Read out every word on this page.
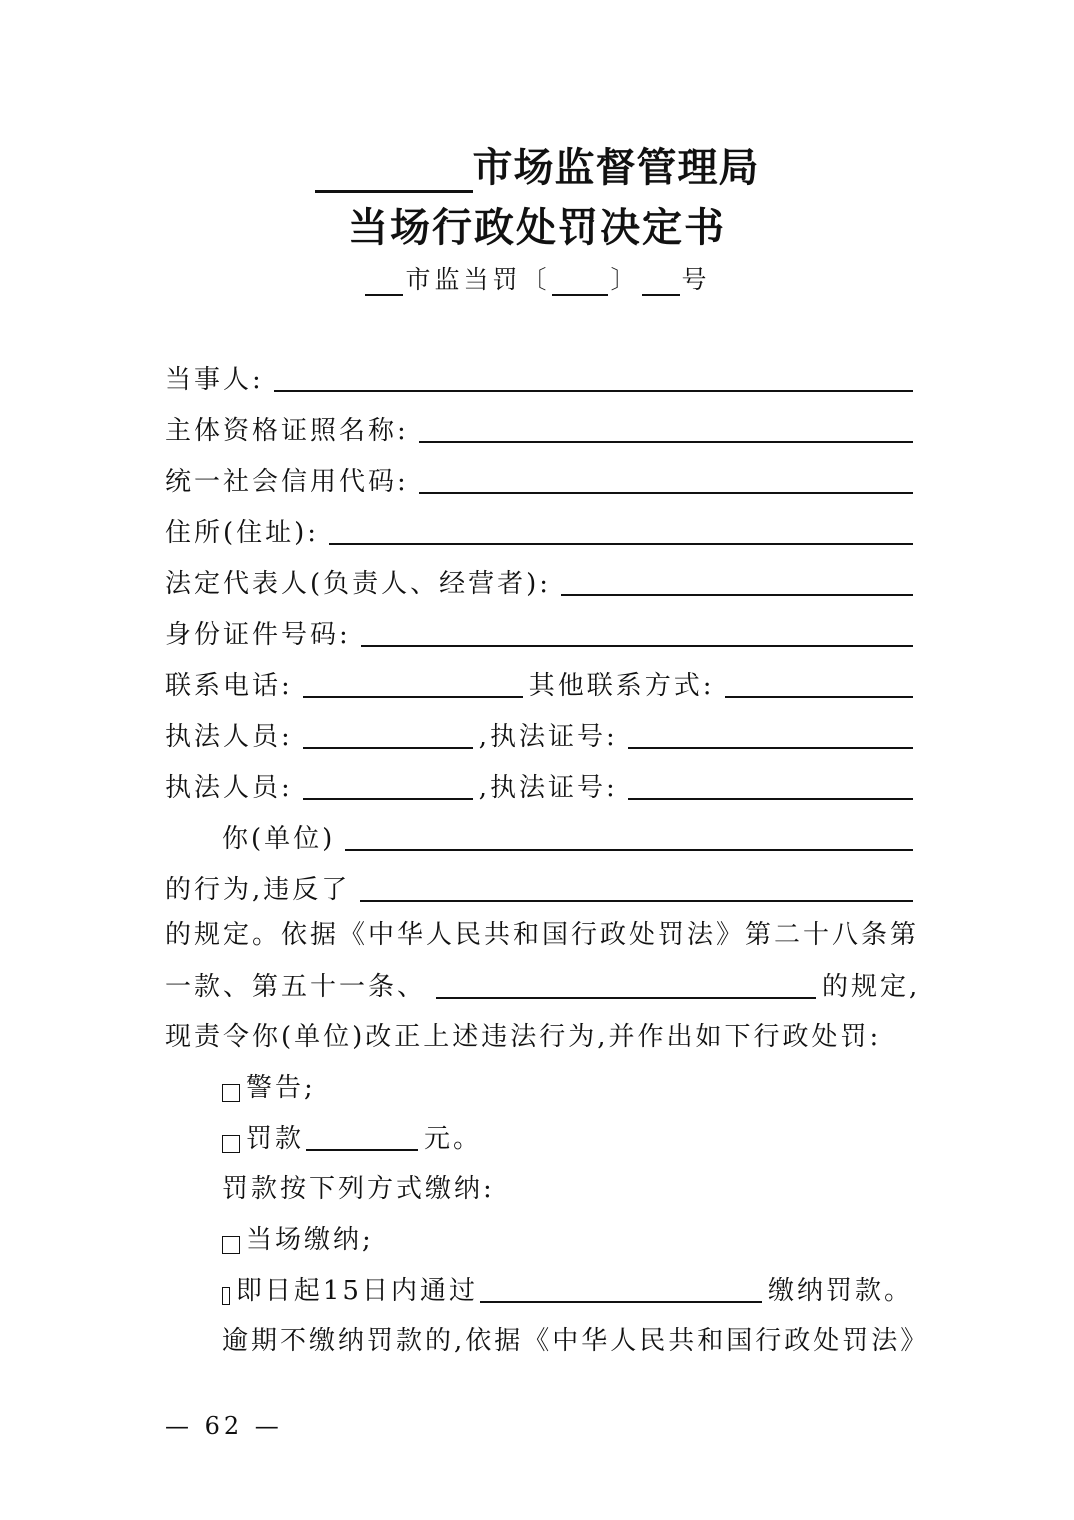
市场监督管理局
当场行政处罚决定书
市监当罚〔 〕 号
当事人:
主体资格证照名称:
统一社会信用代码:
住所(住址):
法定代表人(负责人、经营者):
身份证件号码:
联系电话:	其他联系方式:
执法人员:	,执法证号:
执法人员:	,执法证号:
你(单位)
的行为,违反了
的规定。依据《中华人民共和国行政处罚法》第二十八条第
一款、第五十一条、	的规定,
现责令你(单位)改正上述违法行为,并作出如下行政处罚:
警告;
罚款	元。
罚款按下列方式缴纳:
当场缴纳;
即日起15日内通过	缴纳罚款。
逾期不缴纳罚款的,依据《中华人民共和国行政处罚法》
— 62 —
